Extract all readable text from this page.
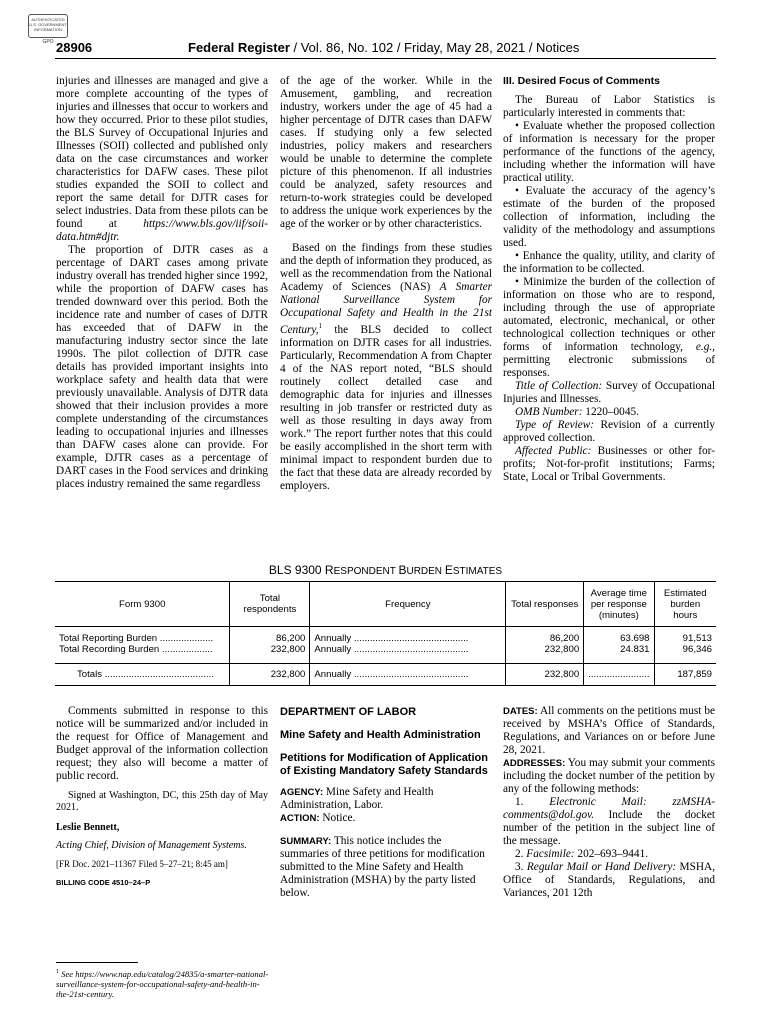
AUTHENTICATED U.S. GOVERNMENT INFORMATION
GPO 28906	Federal Register / Vol. 86, No. 102 / Friday, May 28, 2021 / Notices

injuries and illnesses are managed and give a more complete accounting of the types of injuries and illnesses that occur to workers and how they occurred. Prior to these pilot studies, the BLS Survey of Occupational Injuries and Illnesses (SOII) collected and published only data on the case circumstances and worker characteristics for DAFW cases. These pilot studies expanded the SOII to collect and report the same detail for DJTR cases for select industries. Data from these pilots can be found at https://www.bls.gov/iif/soii-data.htm#djtr.

The proportion of DJTR cases as a percentage of DART cases among private industry overall has trended higher since 1992, while the proportion of DAFW cases has trended downward over this period. Both the incidence rate and number of cases of DJTR has exceeded that of DAFW in the manufacturing industry sector since the late 1990s. The pilot collection of DJTR case details has provided important insights into workplace safety and health data that were previously unavailable. Analysis of DJTR data showed that their inclusion provides a more complete understanding of the circumstances leading to occupational injuries and illnesses than DAFW cases alone can provide. For example, DJTR cases as a percentage of DART cases in the Food services and drinking places industry remained the same regardless

of the age of the worker. While in the Amusement, gambling, and recreation industry, workers under the age of 45 had a higher percentage of DJTR cases than DAFW cases. If studying only a few selected industries, policy makers and researchers would be unable to determine the complete picture of this phenomenon. If all industries could be analyzed, safety resources and return-to-work strategies could be developed to address the unique work experiences by the age of the worker or by other characteristics.

Based on the findings from these studies and the depth of information they produced, as well as the recommendation from the National Academy of Sciences (NAS) A Smarter National Surveillance System for Occupational Safety and Health in the 21st Century,$^1$ the BLS decided to collect information on DJTR cases for all industries. Particularly, Recommendation A from Chapter 4 of the NAS report noted, “BLS should routinely collect detailed case and demographic data for injuries and illnesses resulting in job transfer or restricted duty as well as those resulting in days away from work.” The report further notes that this could be easily accomplished in the short term with minimal impact to respondent burden due to the fact that these data are already recorded by employers.

III. Desired Focus of Comments

The Bureau of Labor Statistics is particularly interested in comments that:

• Evaluate whether the proposed collection of information is necessary for the proper performance of the functions of the agency, including whether the information will have practical utility.

• Evaluate the accuracy of the agency’s estimate of the burden of the proposed collection of information, including the validity of the methodology and assumptions used.

• Enhance the quality, utility, and clarity of the information to be collected.

• Minimize the burden of the collection of information on those who are to respond, including through the use of appropriate automated, electronic, mechanical, or other technological collection techniques or other forms of information technology, e.g., permitting electronic submissions of responses.

Title of Collection: Survey of Occupational Injuries and Illnesses.

OMB Number: 1220–0045.

Type of Review: Revision of a currently approved collection.

Affected Public: Businesses or other for-profits; Not-for-profit institutions; Farms; State, Local or Tribal Governments.

BLS 9300 RESPONDENT BURDEN ESTIMATES
Form 9300	Total respondents	Frequency	Total responses	Average time per response (minutes)	Estimated burden hours
Total Reporting Burden ....................	86,200	Annually ...........................................	86,200	63.698	91,513
Total Recording Burden ...................	232,800	Annually ...........................................	232,800	24.831	96,346
Totals .........................................	232,800	Annually ...........................................	232,800	.......................	187,859

Comments submitted in response to this notice will be summarized and/or included in the request for Office of Management and Budget approval of the information collection request; they also will become a matter of public record.

Signed at Washington, DC, this 25th day of May 2021.

Leslie Bennett,

Acting Chief, Division of Management Systems.

[FR Doc. 2021–11367 Filed 5–27–21; 8:45 am]

BILLING CODE 4510–24–P

$^1$ See https://www.nap.edu/catalog/24835/a-smarter-national-surveillance-system-for-occupational-safety-and-health-in-the-21st-century.

DEPARTMENT OF LABOR

Mine Safety and Health Administration

Petitions for Modification of Application of Existing Mandatory Safety Standards

AGENCY: Mine Safety and Health Administration, Labor.

ACTION: Notice.

SUMMARY: This notice includes the summaries of three petitions for modification submitted to the Mine Safety and Health Administration (MSHA) by the party listed below.

DATES: All comments on the petitions must be received by MSHA’s Office of Standards, Regulations, and Variances on or before June 28, 2021.

ADDRESSES: You may submit your comments including the docket number of the petition by any of the following methods:

1. Electronic Mail: zzMSHA-comments@dol.gov. Include the docket number of the petition in the subject line of the message.

2. Facsimile: 202–693–9441.

3. Regular Mail or Hand Delivery: MSHA, Office of Standards, Regulations, and Variances, 201 12th
